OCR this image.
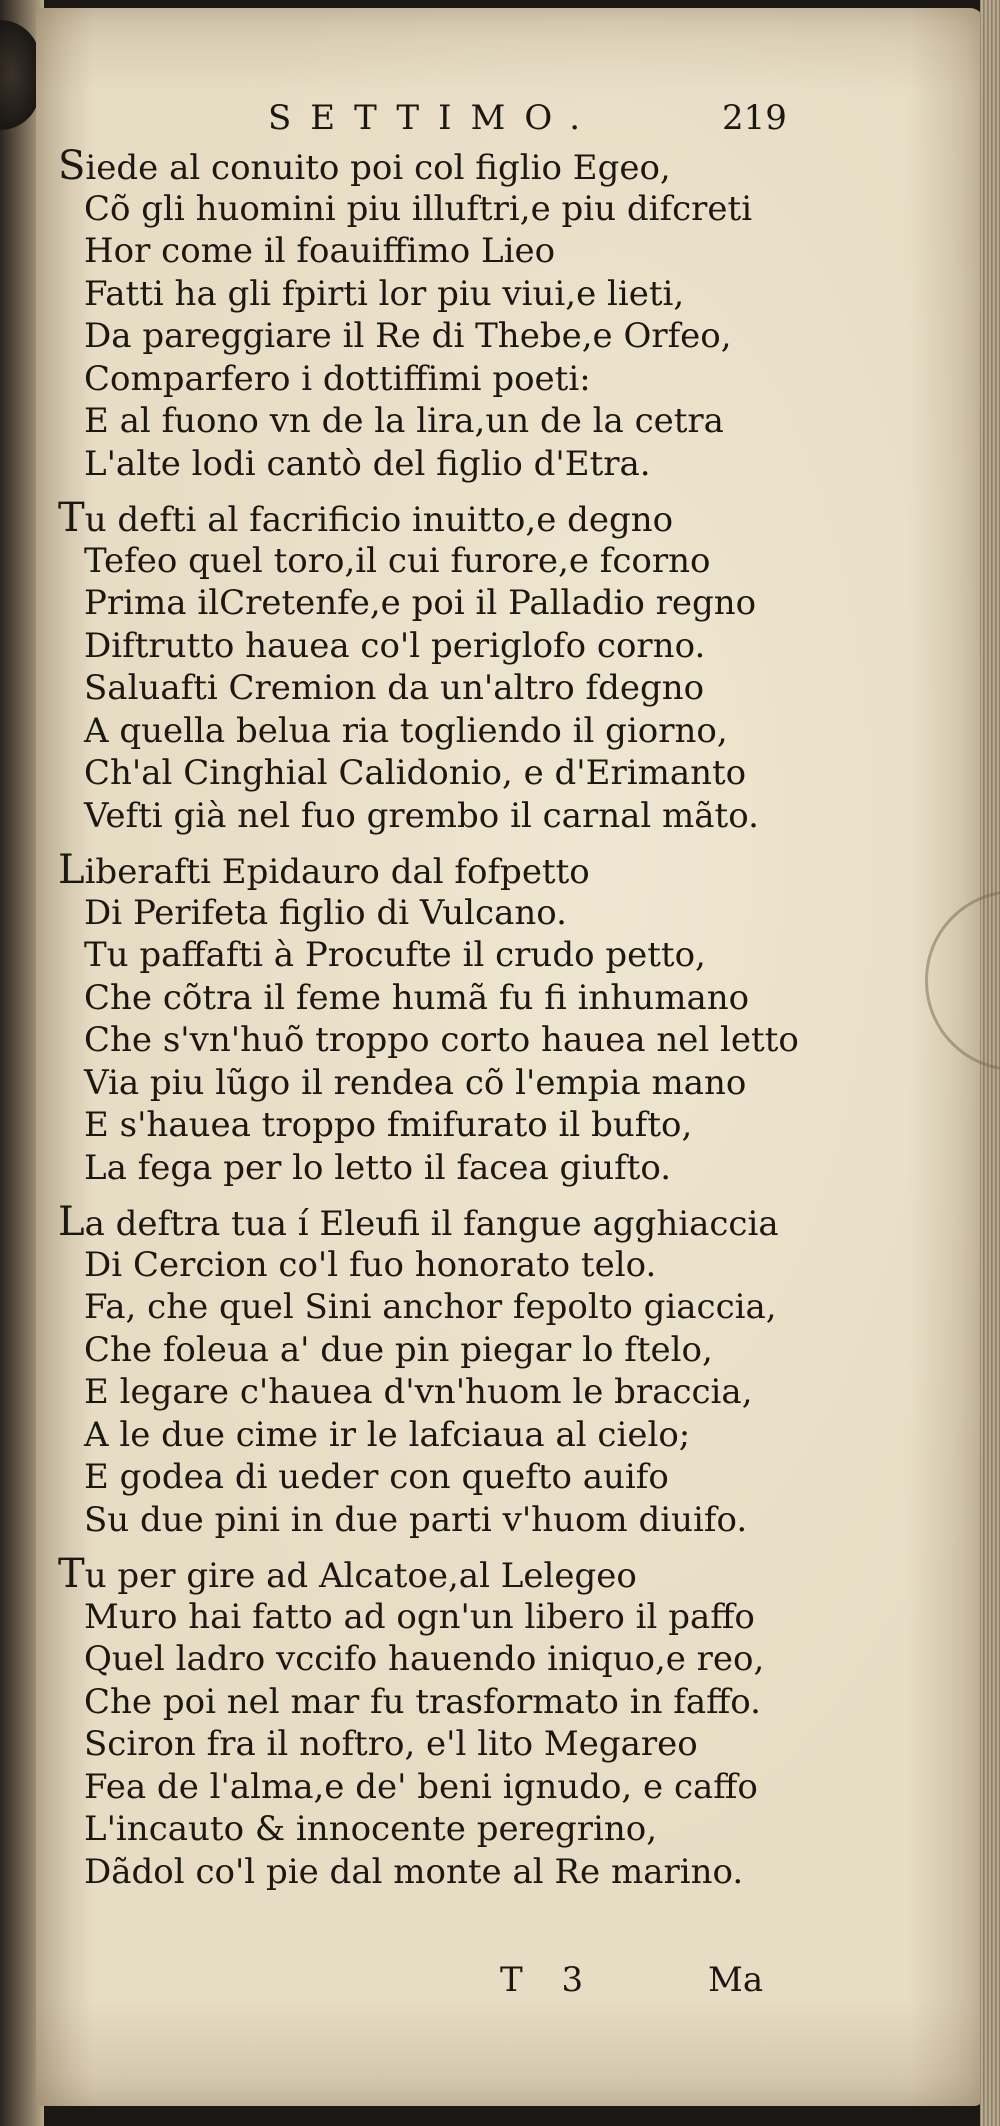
SETTIMO.	219
Siede al conuito poi col figlio Egeo,
Cõ gli huomini piu illuftri,e piu difcreti
Hor come il foauiffimo Lieo
Fatti ha gli fpirti lor piu viui,e lieti,
Da pareggiare il Re di Thebe,e Orfeo,
Comparfero i dottiffimi poeti:
E al fuono vn de la lira,un de la cetra
L'alte lodi cantò del figlio d'Etra.
Tu defti al facrificio inuitto,e degno
Tefeo quel toro,il cui furore,e fcorno
Prima ilCretenfe,e poi il Palladio regno
Diftrutto hauea co'l periglofo corno.
Saluafti Cremion da un'altro fdegno
A quella belua ria togliendo il giorno,
Ch'al Cinghial Calidonio, e d'Erimanto
Vefti già nel fuo grembo il carnal mãto.
Liberafti Epidauro dal fofpetto
Di Perifeta figlio di Vulcano.
Tu paffafti à Procufte il crudo petto,
Che cõtra il feme humã fu fi inhumano
Che s'vn'huõ troppo corto hauea nel letto
Via piu lũgo il rendea cõ l'empia mano
E s'hauea troppo fmifurato il bufto,
La fega per lo letto il facea giufto.
La deftra tua í Eleufi il fangue agghiaccia
Di Cercion co'l fuo honorato telo.
Fa, che quel Sini anchor fepolto giaccia,
Che foleua a' due pin piegar lo ftelo,
E legare c'hauea d'vn'huom le braccia,
A le due cime ir le lafciaua al cielo;
E godea di ueder con quefto auifo
Su due pini in due parti v'huom diuifo.
Tu per gire ad Alcatoe,al Lelegeo
Muro hai fatto ad ogn'un libero il paffo
Quel ladro vccifo hauendo iniquo,e reo,
Che poi nel mar fu trasformato in faffo.
Sciron fra il noftro, e'l lito Megareo
Fea de l'alma,e de' beni ignudo, e caffo
L'incauto & innocente peregrino,
Dãdol co'l pie dal monte al Re marino.
T 3	Ma
